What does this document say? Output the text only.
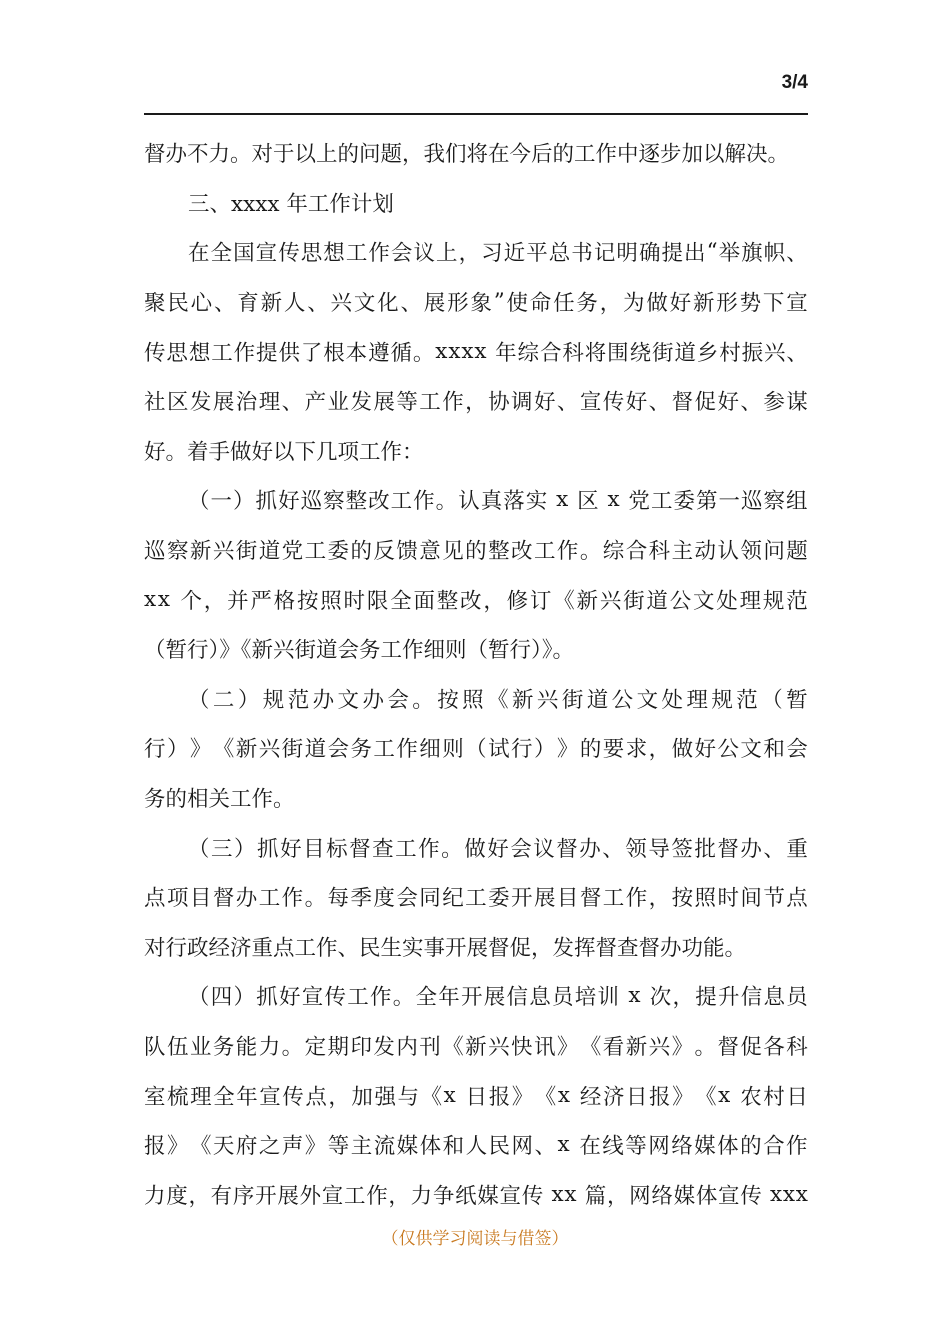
3/4
督办不力。对于以上的问题，我们将在今后的工作中逐步加以解决。
三、xxxx 年工作计划
在 全 国 宣 传 思 想 工 作 会 议 上 ， 习 近 平 总 书 记 明 确 提 出 “ 举 旗 帜 、
聚 民 心 、 育 新 人 、 兴 文 化 、 展 形 象 ” 使 命 任 务 ， 为 做 好 新 形 势 下 宣
传 思 想 工 作 提 供 了 根 本 遵 循 。 x x x x
年 综 合 科 将 围 绕 街 道 乡 村 振 兴 、
社 区 发 展 治 理 、 产 业 发 展 等 工 作 ， 协 调 好 、 宣 传 好 、 督 促 好 、 参 谋
好。着手做好以下几项工作：
（ 一 ） 抓 好 巡 察 整 改 工 作 。 认 真 落 实
x
区
x
党 工 委 第 一 巡 察 组
巡 察 新 兴 街 道 党 工 委 的 反 馈 意 见 的 整 改 工 作 。 综 合 科 主 动 认 领 问 题
x x
个 ， 并 严 格 按 照 时 限 全 面 整 改 ， 修 订 《 新 兴 街 道 公 文 处 理 规 范
（暂行）》《新兴街道会务工作细则（暂行）》。
（ 二 ） 规 范 办 文 办 会 。 按 照 《 新 兴 街 道 公 文 处 理 规 范 （ 暂
行 ） 》 《 新 兴 街 道 会 务 工 作 细 则 （ 试 行 ） 》 的 要 求 ， 做 好 公 文 和 会
务的相关工作。
（ 三 ） 抓 好 目 标 督 查 工 作 。 做 好 会 议 督 办 、 领 导 签 批 督 办 、 重
点 项 目 督 办 工 作 。 每 季 度 会 同 纪 工 委 开 展 目 督 工 作 ， 按 照 时 间 节 点
对行政经济重点工作、民生实事开展督促，发挥督查督办功能。
（ 四 ） 抓 好 宣 传 工 作 。 全 年 开 展 信 息 员 培 训
x
次 ， 提 升 信 息 员
队 伍 业 务 能 力 。 定 期 印 发 内 刊 《 新 兴 快 讯 》 《 看 新 兴 》 。 督 促 各 科
室 梳 理 全 年 宣 传 点 ， 加 强 与 《 x
日 报 》 《 x
经 济 日 报 》 《 x
农 村 日
报 》 《 天 府 之 声 》 等 主 流 媒 体 和 人 民 网 、 x
在 线 等 网 络 媒 体 的 合 作
力 度 ， 有 序 开 展 外 宣 工 作 ， 力 争 纸 媒 宣 传
x x
篇 ， 网 络 媒 体 宣 传
x x x
（仅供学习阅读与借签）
